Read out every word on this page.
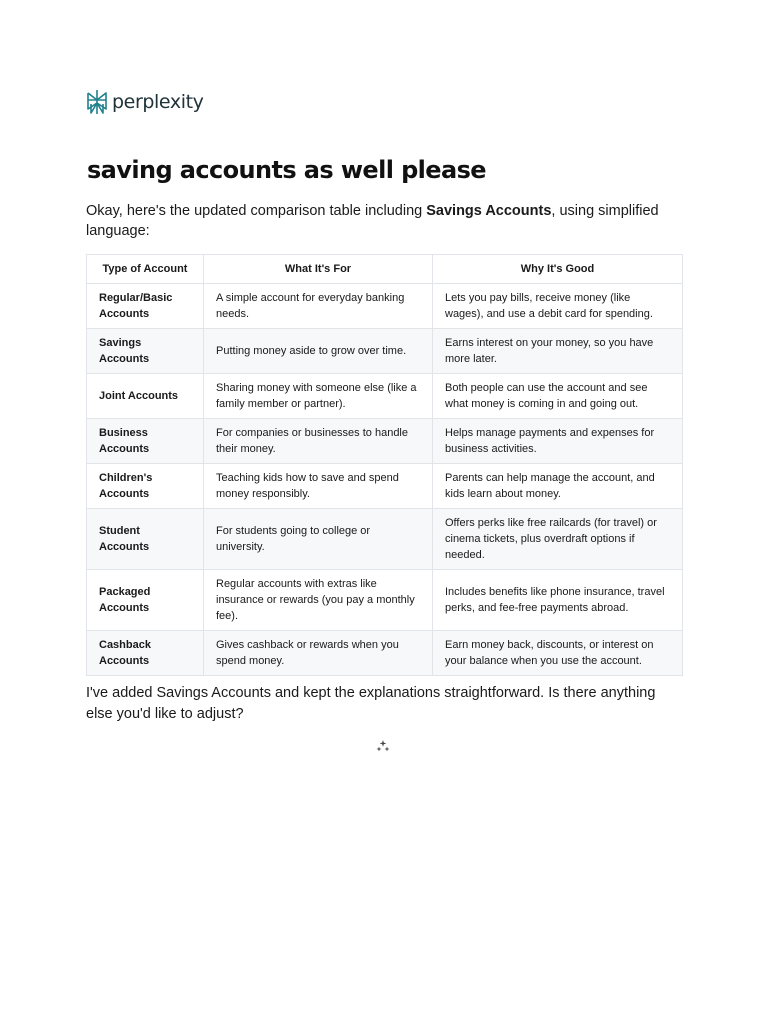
perplexity
saving accounts as well please

Okay, here's the updated comparison table including Savings Accounts, using simplified language:

Type of Account	What It's For	Why It's Good
Regular/Basic Accounts	A simple account for everyday banking needs.	Lets you pay bills, receive money (like wages), and use a debit card for spending.
Savings Accounts	Putting money aside to grow over time.	Earns interest on your money, so you have more later.
Joint Accounts	Sharing money with someone else (like a family member or partner).	Both people can use the account and see what money is coming in and going out.
Business Accounts	For companies or businesses to handle their money.	Helps manage payments and expenses for business activities.
Children's Accounts	Teaching kids how to save and spend money responsibly.	Parents can help manage the account, and kids learn about money.
Student Accounts	For students going to college or university.	Offers perks like free railcards (for travel) or cinema tickets, plus overdraft options if needed.
Packaged Accounts	Regular accounts with extras like insurance or rewards (you pay a monthly fee).	Includes benefits like phone insurance, travel perks, and fee-free payments abroad.
Cashback Accounts	Gives cashback or rewards when you spend money.	Earn money back, discounts, or interest on your balance when you use the account.

I've added Savings Accounts and kept the explanations straightforward. Is there anything else you'd like to adjust?
